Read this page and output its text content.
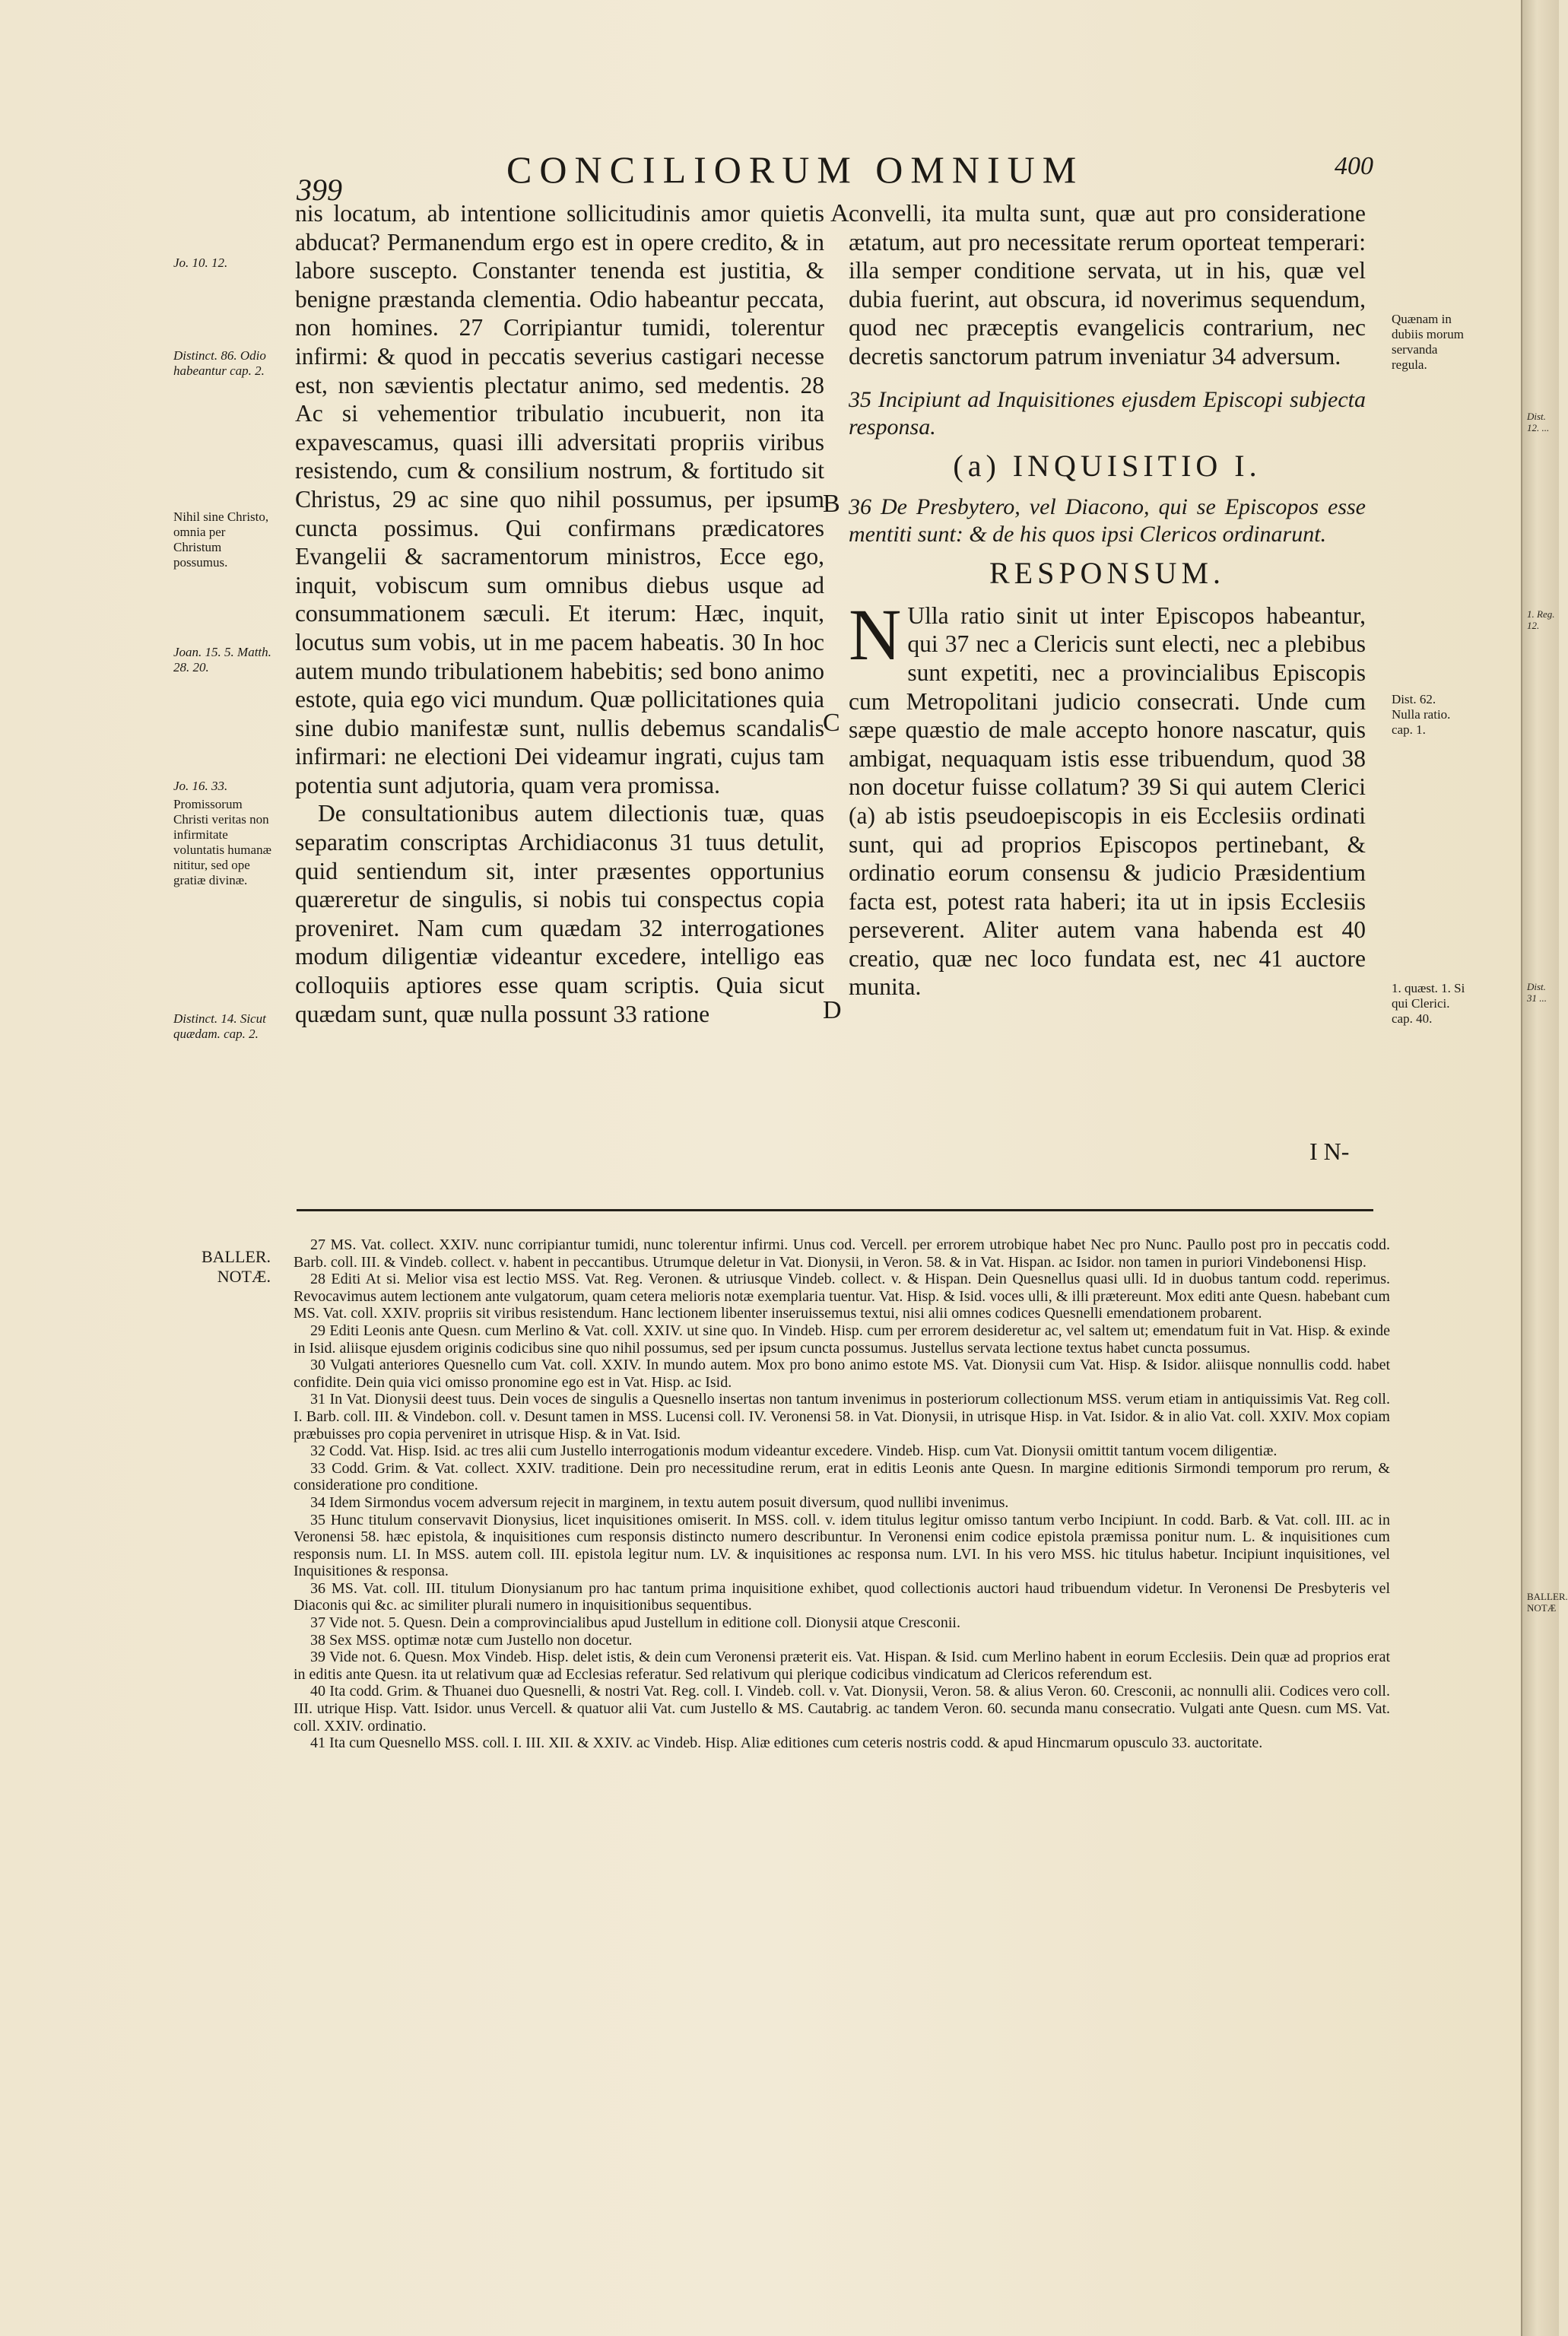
399	CONCILIORUM OMNIUM	400
Jo. 10. 12.
Distinct. 86. Odio habeantur cap. 2.
Nihil sine Christo, omnia per Christum possumus.
Joan. 15. 5. Matth. 28. 20.
Jo. 16. 33.
Promissorum Christi veritas non infirmitate voluntatis humanæ nititur, sed ope gratiæ divinæ.
Distinct. 14. Sicut quædam. cap. 2.
A
B
C
D

nis locatum, ab intentione sollicitudinis amor quietis abducat? Permanendum ergo est in opere credito, & in labore suscepto. Constanter tenenda est justitia, & benigne præstanda clementia. Odio habeantur peccata, non homines. 27 Corripiantur tumidi, tolerentur infirmi: & quod in peccatis severius castigari necesse est, non sævientis plectatur animo, sed medentis. 28 Ac si vehementior tribulatio incubuerit, non ita expavescamus, quasi illi adversitati propriis viribus resistendo, cum & consilium nostrum, & fortitudo sit Christus, 29 ac sine quo nihil possumus, per ipsum cuncta possimus. Qui confirmans prædicatores Evangelii & sacramentorum ministros, Ecce ego, inquit, vobiscum sum omnibus diebus usque ad consummationem sæculi. Et iterum: Hæc, inquit, locutus sum vobis, ut in me pacem habeatis. 30 In hoc autem mundo tribulationem habebitis; sed bono animo estote, quia ego vici mundum. Quæ pollicitationes quia sine dubio manifestæ sunt, nullis debemus scandalis infirmari: ne electioni Dei videamur ingrati, cujus tam potentia sunt adjutoria, quam vera promissa.

De consultationibus autem dilectionis tuæ, quas separatim conscriptas Archidiaconus 31 tuus detulit, quid sentiendum sit, inter præsentes opportunius quæreretur de singulis, si nobis tui conspectus copia proveniret. Nam cum quædam 32 interrogationes modum diligentiæ videantur excedere, intelligo eas colloquiis aptiores esse quam scriptis. Quia sicut quædam sunt, quæ nulla possunt 33 ratione

convelli, ita multa sunt, quæ aut pro consideratione ætatum, aut pro necessitate rerum oporteat temperari: illa semper conditione servata, ut in his, quæ vel dubia fuerint, aut obscura, id noverimus sequendum, quod nec præceptis evangelicis contrarium, nec decretis sanctorum patrum inveniatur 34 adversum.

35 Incipiunt ad Inquisitiones ejusdem Episcopi subjecta responsa.

(a) INQUISITIO I.

36 De Presbytero, vel Diacono, qui se Episcopos esse mentiti sunt: & de his quos ipsi Clericos ordinarunt.

RESPONSUM.

N Ulla ratio sinit ut inter Episcopos habeantur, qui 37 nec a Clericis sunt electi, nec a plebibus sunt expetiti, nec a provincialibus Episcopis cum Metropolitani judicio consecrati. Unde cum sæpe quæstio de male accepto honore nascatur, quis ambigat, nequaquam istis esse tribuendum, quod 38 non docetur fuisse collatum? 39 Si qui autem Clerici (a) ab istis pseudoepiscopis in eis Ecclesiis ordinati sunt, qui ad proprios Episcopos pertinebant, & ordinatio eorum consensu & judicio Præsidentium facta est, potest rata haberi; ita ut in ipsis Ecclesiis perseverent. Aliter autem vana habenda est 40 creatio, quæ nec loco fundata est, nec 41 auctore munita.

Quænam in dubiis morum servanda regula.
Dist. 62. Nulla ratio. cap. 1.
1. quæst. 1. Si qui Clerici. cap. 40.
I N-
BALLER. NOTÆ.

27 MS. Vat. collect. XXIV. nunc corripiantur tumidi, nunc tolerentur infirmi. Unus cod. Vercell. per errorem utrobique habet Nec pro Nunc. Paullo post pro in peccatis codd. Barb. coll. III. & Vindeb. collect. v. habent in peccantibus. Utrumque deletur in Vat. Dionysii, in Veron. 58. & in Vat. Hispan. ac Isidor. non tamen in puriori Vindebonensi Hisp.

28 Editi At si. Melior visa est lectio MSS. Vat. Reg. Veronen. & utriusque Vindeb. collect. v. & Hispan. Dein Quesnellus quasi ulli. Id in duobus tantum codd. reperimus. Revocavimus autem lectionem ante vulgatorum, quam cetera melioris notæ exemplaria tuentur. Vat. Hisp. & Isid. voces ulli, & illi prætereunt. Mox editi ante Quesn. habebant cum MS. Vat. coll. XXIV. propriis sit viribus resistendum. Hanc lectionem libenter inseruissemus textui, nisi alii omnes codices Quesnelli emendationem probarent.

29 Editi Leonis ante Quesn. cum Merlino & Vat. coll. XXIV. ut sine quo. In Vindeb. Hisp. cum per errorem desideretur ac, vel saltem ut; emendatum fuit in Vat. Hisp. & exinde in Isid. aliisque ejusdem originis codicibus sine quo nihil possumus, sed per ipsum cuncta possumus. Justellus servata lectione textus habet cuncta possumus.

30 Vulgati anteriores Quesnello cum Vat. coll. XXIV. In mundo autem. Mox pro bono animo estote MS. Vat. Dionysii cum Vat. Hisp. & Isidor. aliisque nonnullis codd. habet confidite. Dein quia vici omisso pronomine ego est in Vat. Hisp. ac Isid.

31 In Vat. Dionysii deest tuus. Dein voces de singulis a Quesnello insertas non tantum invenimus in posteriorum collectionum MSS. verum etiam in antiquissimis Vat. Reg coll. I. Barb. coll. III. & Vindebon. coll. v. Desunt tamen in MSS. Lucensi coll. IV. Veronensi 58. in Vat. Dionysii, in utrisque Hisp. in Vat. Isidor. & in alio Vat. coll. XXIV. Mox copiam præbuisses pro copia perveniret in utrisque Hisp. & in Vat. Isid.

32 Codd. Vat. Hisp. Isid. ac tres alii cum Justello interrogationis modum videantur excedere. Vindeb. Hisp. cum Vat. Dionysii omittit tantum vocem diligentiæ.

33 Codd. Grim. & Vat. collect. XXIV. traditione. Dein pro necessitudine rerum, erat in editis Leonis ante Quesn. In margine editionis Sirmondi temporum pro rerum, & consideratione pro conditione.

34 Idem Sirmondus vocem adversum rejecit in marginem, in textu autem posuit diversum, quod nullibi invenimus.

35 Hunc titulum conservavit Dionysius, licet inquisitiones omiserit. In MSS. coll. v. idem titulus legitur omisso tantum verbo Incipiunt. In codd. Barb. & Vat. coll. III. ac in Veronensi 58. hæc epistola, & inquisitiones cum responsis distincto numero describuntur. In Veronensi enim codice epistola præmissa ponitur num. L. & inquisitiones cum responsis num. LI. In MSS. autem coll. III. epistola legitur num. LV. & inquisitiones ac responsa num. LVI. In his vero MSS. hic titulus habetur. Incipiunt inquisitiones, vel Inquisitiones & responsa.

36 MS. Vat. coll. III. titulum Dionysianum pro hac tantum prima inquisitione exhibet, quod collectionis auctori haud tribuendum videtur. In Veronensi De Presbyteris vel Diaconis qui &c. ac similiter plurali numero in inquisitionibus sequentibus.

37 Vide not. 5. Quesn. Dein a comprovincialibus apud Justellum in editione coll. Dionysii atque Cresconii.

38 Sex MSS. optimæ notæ cum Justello non docetur.

39 Vide not. 6. Quesn. Mox Vindeb. Hisp. delet istis, & dein cum Veronensi præterit eis. Vat. Hispan. & Isid. cum Merlino habent in eorum Ecclesiis. Dein quæ ad proprios erat in editis ante Quesn. ita ut relativum quæ ad Ecclesias referatur. Sed relativum qui plerique codicibus vindicatum ad Clericos referendum est.

40 Ita codd. Grim. & Thuanei duo Quesnelli, & nostri Vat. Reg. coll. I. Vindeb. coll. v. Vat. Dionysii, Veron. 58. & alius Veron. 60. Cresconii, ac nonnulli alii. Codices vero coll. III. utrique Hisp. Vatt. Isidor. unus Vercell. & quatuor alii Vat. cum Justello & MS. Cautabrig. ac tandem Veron. 60. secunda manu consecratio. Vulgati ante Quesn. cum MS. Vat. coll. XXIV. ordinatio.

41 Ita cum Quesnello MSS. coll. I. III. XII. & XXIV. ac Vindeb. Hisp. Aliæ editiones cum ceteris nostris codd. & apud Hincmarum opusculo 33. auctoritate.

Dist. 12. ...
1. Reg. 12.
Dist. 31 ...
BALLER. NOTÆ
